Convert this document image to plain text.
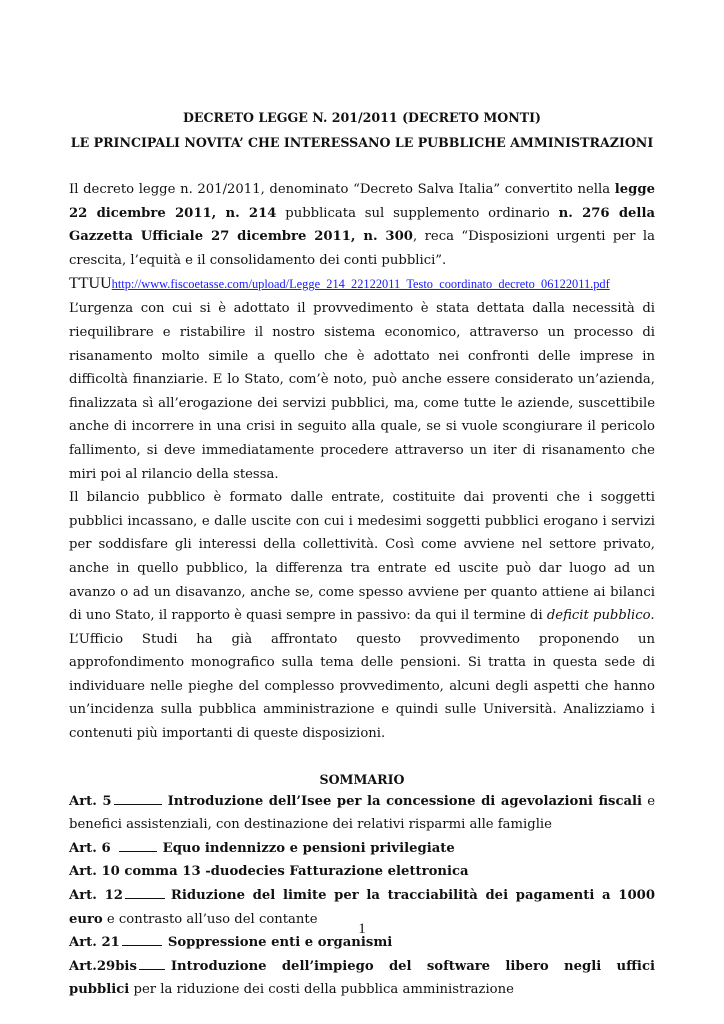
DECRETO LEGGE N. 201/2011 (DECRETO MONTI)

LE PRINCIPALI NOVITA’ CHE INTERESSANO LE PUBBLICHE AMMINISTRAZIONI

Il decreto legge n. 201/2011, denominato “Decreto Salva Italia” convertito nella legge 22 dicembre 2011, n. 214 pubblicata sul supplemento ordinario n. 276 della Gazzetta Ufficiale 27 dicembre 2011, n. 300, reca “Disposizioni urgenti per la crescita, l’equità e il consolidamento dei conti pubblici”.

TTUUhttp://www.fiscoetasse.com/upload/Legge_214_22122011_Testo_coordinato_decreto_06122011.pdf

L’urgenza con cui si è adottato il provvedimento è stata dettata dalla necessità di riequilibrare e ristabilire il nostro sistema economico, attraverso un processo di risanamento molto simile a quello che è adottato nei confronti delle imprese in difficoltà finanziarie. E lo Stato, com’è noto, può anche essere considerato un’azienda, finalizzata sì all’erogazione dei servizi pubblici, ma, come tutte le aziende, suscettibile anche di incorrere in una crisi in seguito alla quale, se si vuole scongiurare il pericolo fallimento, si deve immediatamente procedere attraverso un iter di risanamento che miri poi al rilancio della stessa.

Il bilancio pubblico è formato dalle entrate, costituite dai proventi che i soggetti pubblici incassano, e dalle uscite con cui i medesimi soggetti pubblici erogano i servizi per soddisfare gli interessi della collettività. Così come avviene nel settore privato, anche in quello pubblico, la differenza tra entrate ed uscite può dar luogo ad un avanzo o ad un disavanzo, anche se, come spesso avviene per quanto attiene ai bilanci di uno Stato, il rapporto è quasi sempre in passivo: da qui il termine di deficit pubblico.

L’Ufficio Studi ha già affrontato questo provvedimento proponendo un approfondimento monografico sulla tema delle pensioni. Si tratta in questa sede di individuare nelle pieghe del complesso provvedimento, alcuni degli aspetti che hanno un’incidenza sulla pubblica amministrazione e quindi sulle Università. Analizziamo i contenuti più importanti di queste disposizioni.

SOMMARIO
Art. 5	Introduzione dell’Isee per la concessione di agevolazioni fiscali e benefici assistenziali, con destinazione dei relativi risparmi alle famiglie
Art. 6	Equo indennizzo e pensioni privilegiate
Art. 10 comma 13 -duodecies Fatturazione elettronica
Art. 12	Riduzione del limite per la tracciabilità dei pagamenti a 1000 euro e contrasto all’uso del contante
Art. 21	Soppressione enti e organismi
Art.29bis	Introduzione dell’impiego del software libero negli uffici pubblici per la riduzione dei costi della pubblica amministrazione
1
